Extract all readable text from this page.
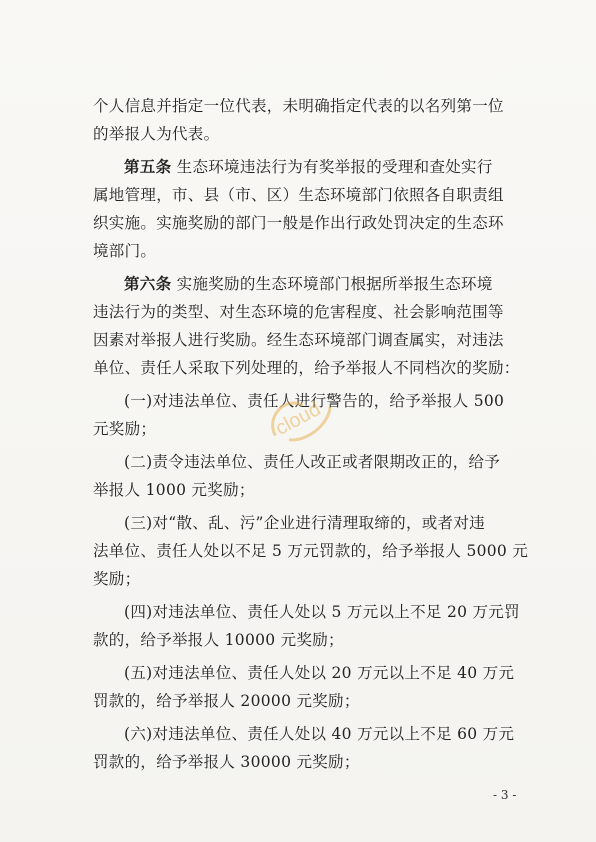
个人信息并指定一位代表，未明确指定代表的以名列第一位
的举报人为代表。
第五条 生态环境违法行为有奖举报的受理和查处实行
属地管理，市、县（市、区）生态环境部门依照各自职责组
织实施。实施奖励的部门一般是作出行政处罚决定的生态环
境部门。
第六条 实施奖励的生态环境部门根据所举报生态环境
违法行为的类型、对生态环境的危害程度、社会影响范围等
因素对举报人进行奖励。经生态环境部门调查属实，对违法
单位、责任人采取下列处理的，给予举报人不同档次的奖励：
(一)对违法单位、责任人进行警告的，给予举报人 500
元奖励；
(二)责令违法单位、责任人改正或者限期改正的，给予
举报人 1000 元奖励；
(三)对“散、乱、污”企业进行清理取缔的，或者对违
法单位、责任人处以不足 5 万元罚款的，给予举报人 5000 元
奖励；
(四)对违法单位、责任人处以 5 万元以上不足 20 万元罚
款的，给予举报人 10000 元奖励；
(五)对违法单位、责任人处以 20 万元以上不足 40 万元
罚款的，给予举报人 20000 元奖励；
(六)对违法单位、责任人处以 40 万元以上不足 60 万元
罚款的，给予举报人 30000 元奖励；
cloud
- 3 -
